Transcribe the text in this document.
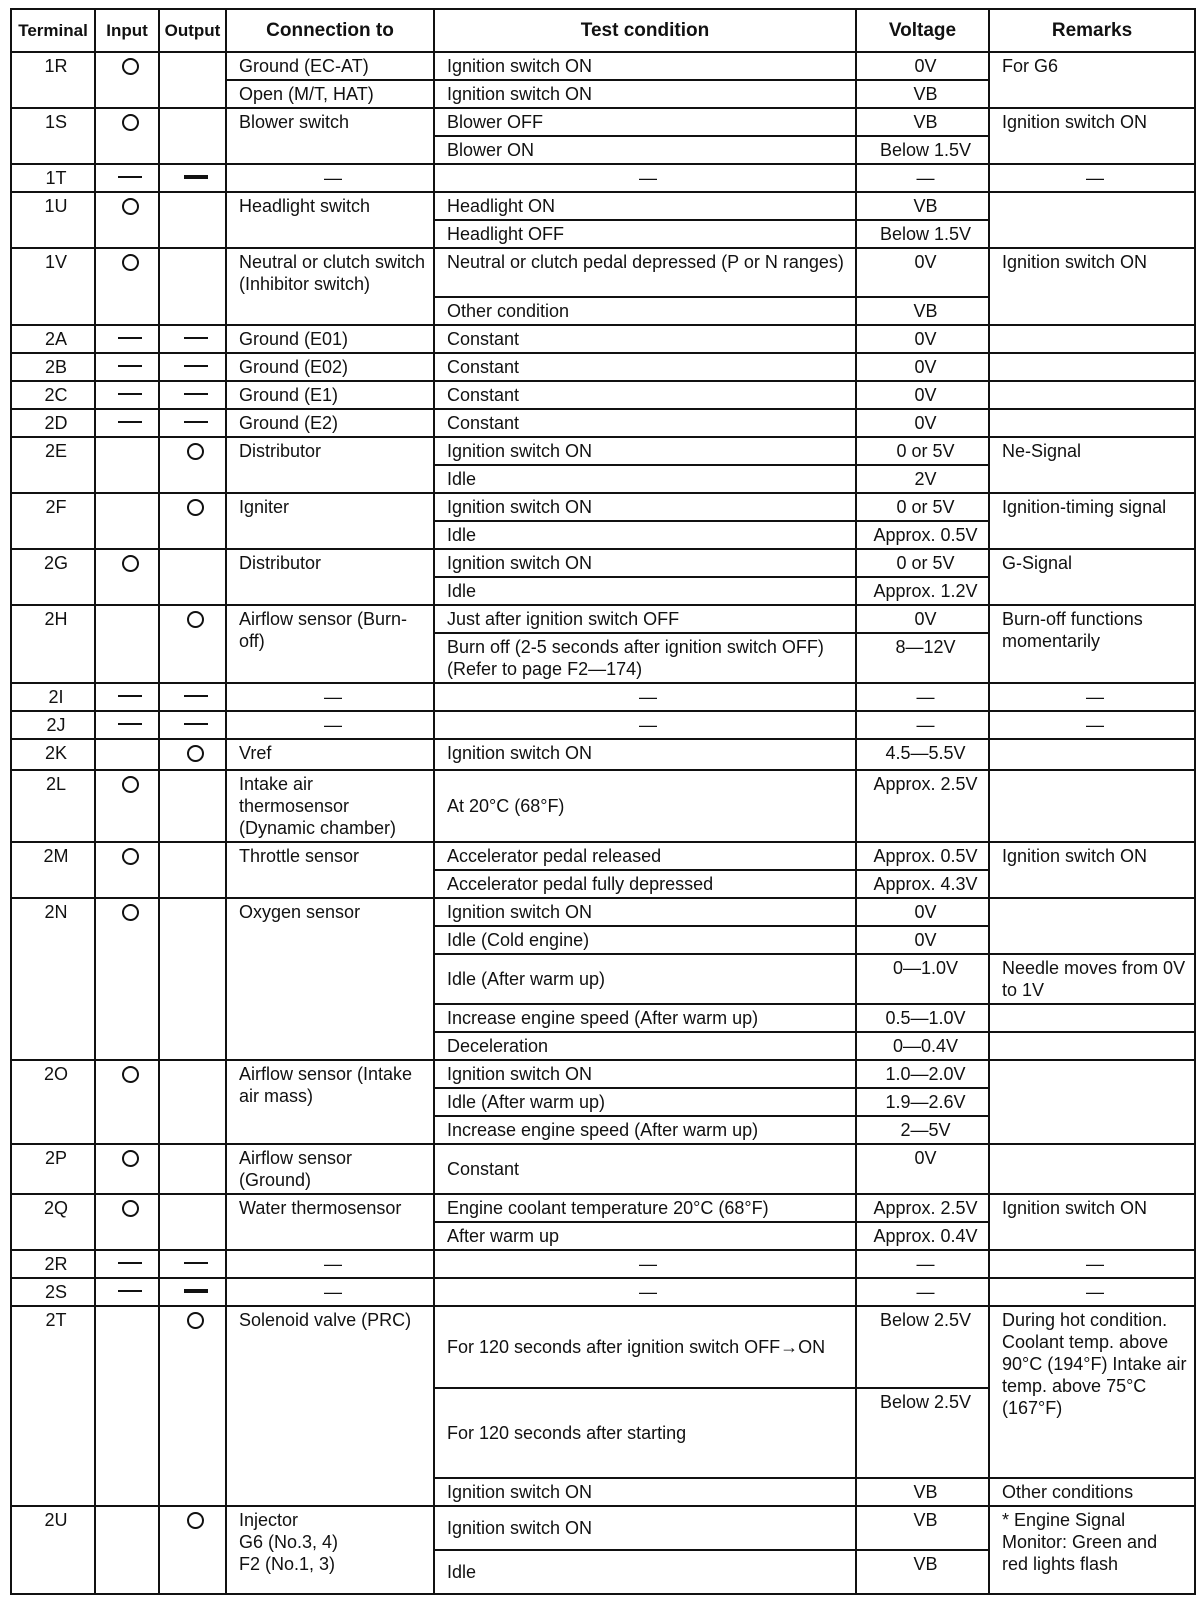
Terminal	Input	Output	Connection to	Test condition	Voltage	Remarks
1R			Ground (EC-AT)	Ignition switch ON	0V	For G6
			Open (M/T, HAT)	Ignition switch ON	VB	
1S			Blower switch	Blower OFF	VB	Ignition switch ON
				Blower ON	Below 1.5V	
1T			—	—	—	—
1U			Headlight switch	Headlight ON	VB	
				Headlight OFF	Below 1.5V	
1V			Neutral or clutch switch (Inhibitor switch)	Neutral or clutch pedal depressed (P or N ranges)	0V	Ignition switch ON
				Other condition	VB	
2A			Ground (E01)	Constant	0V	
2B			Ground (E02)	Constant	0V	
2C			Ground (E1)	Constant	0V	
2D			Ground (E2)	Constant	0V	
2E			Distributor	Ignition switch ON	0 or 5V	Ne-Signal
				Idle	2V	
2F			Igniter	Ignition switch ON	0 or 5V	Ignition-timing signal
				Idle	Approx. 0.5V	
2G			Distributor	Ignition switch ON	0 or 5V	G-Signal
				Idle	Approx. 1.2V	
2H			Airflow sensor (Burn-off)	Just after ignition switch OFF	0V	Burn-off functions momentarily
				Burn off (2-5 seconds after ignition switch OFF) (Refer to page F2—174)	8—12V	
2I			—	—	—	—
2J			—	—	—	—
2K			Vref	Ignition switch ON	4.5—5.5V	
2L			Intake air thermosensor (Dynamic chamber)	At 20°C (68°F)	Approx. 2.5V	
2M			Throttle sensor	Accelerator pedal released	Approx. 0.5V	Ignition switch ON
				Accelerator pedal fully depressed	Approx. 4.3V	
2N			Oxygen sensor	Ignition switch ON	0V	
				Idle (Cold engine)	0V	
				Idle (After warm up)	0—1.0V	Needle moves from 0V to 1V
				Increase engine speed (After warm up)	0.5—1.0V	
				Deceleration	0—0.4V	
2O			Airflow sensor (Intake air mass)	Ignition switch ON	1.0—2.0V	
				Idle (After warm up)	1.9—2.6V	
				Increase engine speed (After warm up)	2—5V	
2P			Airflow sensor (Ground)	Constant	0V	
2Q			Water thermosensor	Engine coolant temperature 20°C (68°F)	Approx. 2.5V	Ignition switch ON
				After warm up	Approx. 0.4V	
2R			—	—	—	—
2S			—	—	—	—
2T			Solenoid valve (PRC)	For 120 seconds after ignition switch OFF→ON	Below 2.5V	During hot condition. Coolant temp. above 90°C (194°F) Intake air temp. above 75°C (167°F)
				For 120 seconds after starting	Below 2.5V	
				Ignition switch ON	VB	Other conditions
2U			Injector
G6 (No.3, 4)
F2 (No.1, 3)	Ignition switch ON	VB	* Engine Signal Monitor: Green and red lights flash
				Idle	VB	
